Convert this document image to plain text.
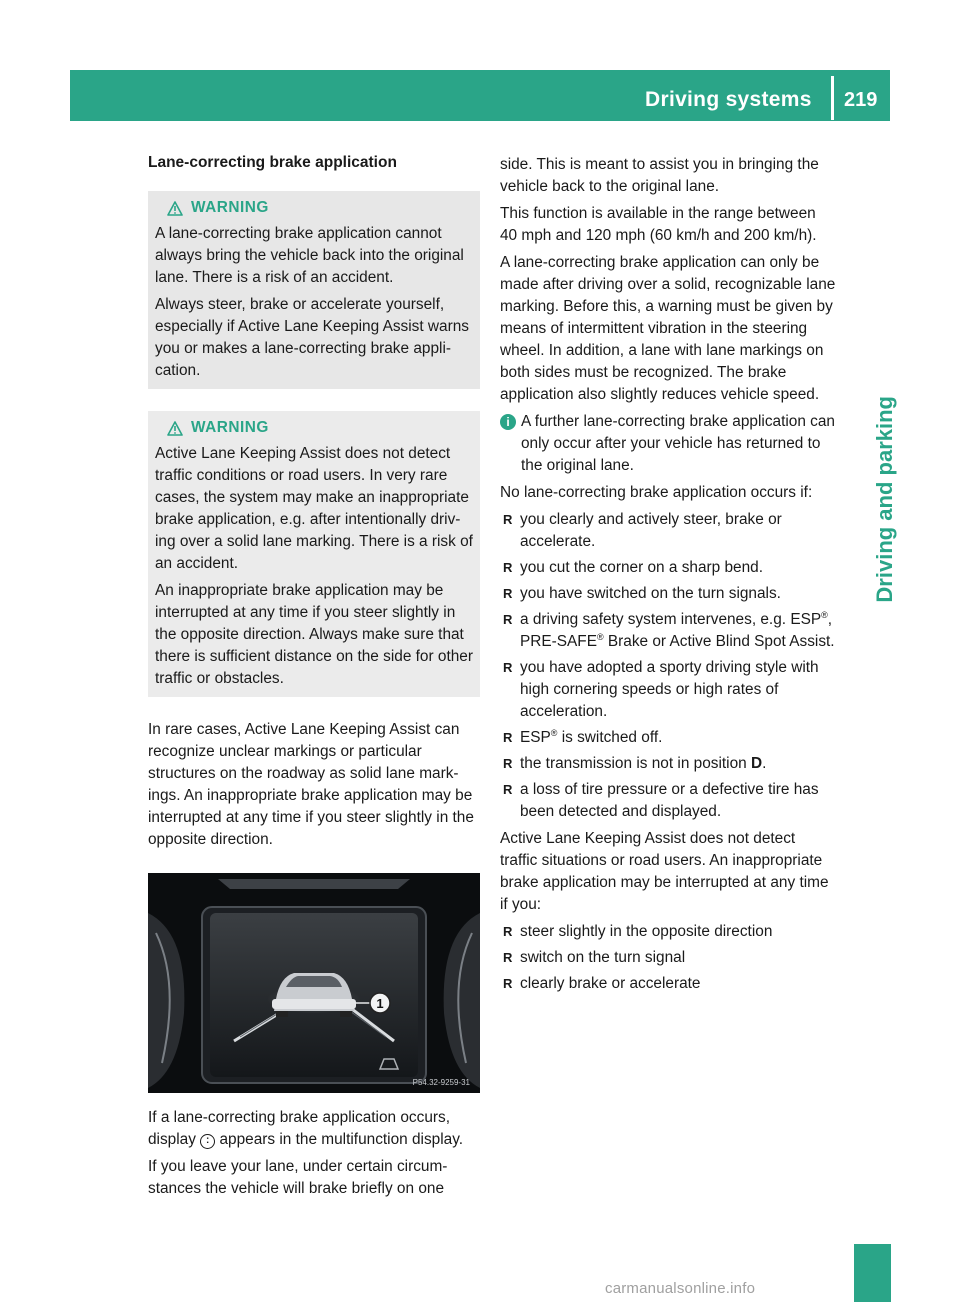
Driving systems 219
Driving and parking
Lane-correcting brake application
WARNING

A lane-correcting brake application cannot always bring the vehicle back into the original lane. There is a risk of an accident.

Always steer, brake or accelerate yourself, especially if Active Lane Keeping Assist warns you or makes a lane-correcting brake application.

WARNING

Active Lane Keeping Assist does not detect traffic conditions or road users. In very rare cases, the system may make an inappropriate brake application, e.g. after intentionally driving over a solid lane marking. There is a risk of an accident.

An inappropriate brake application may be interrupted at any time if you steer slightly in the opposite direction. Always make sure that there is sufficient distance on the side for other traffic or obstacles.

In rare cases, Active Lane Keeping Assist can recognize unclear markings or particular structures on the roadway as solid lane markings. An inappropriate brake application may be interrupted at any time if you steer slightly in the opposite direction.

1
P54.32-9259-31

If a lane-correcting brake application occurs, display : appears in the multifunction display.

If you leave your lane, under certain circumstances the vehicle will brake briefly on one

side. This is meant to assist you in bringing the vehicle back to the original lane.

This function is available in the range between 40 mph and 120 mph (60 km/h and 200 km/h).

A lane-correcting brake application can only be made after driving over a solid, recognizable lane marking. Before this, a warning must be given by means of intermittent vibration in the steering wheel. In addition, a lane with lane markings on both sides must be recognized. The brake application also slightly reduces vehicle speed.

i A further lane-correcting brake application can only occur after your vehicle has returned to the original lane.

No lane-correcting brake application occurs if:

R you clearly and actively steer, brake or accelerate.
R you cut the corner on a sharp bend.
R you have switched on the turn signals.
R a driving safety system intervenes, e.g. ESP®, PRE-SAFE® Brake or Active Blind Spot Assist.
R you have adopted a sporty driving style with high cornering speeds or high rates of acceleration.
R ESP® is switched off.
R the transmission is not in position D.
R a loss of tire pressure or a defective tire has been detected and displayed.

Active Lane Keeping Assist does not detect traffic situations or road users. An inappropriate brake application may be interrupted at any time if you:

R steer slightly in the opposite direction
R switch on the turn signal
R clearly brake or accelerate
carmanualsonline.info
